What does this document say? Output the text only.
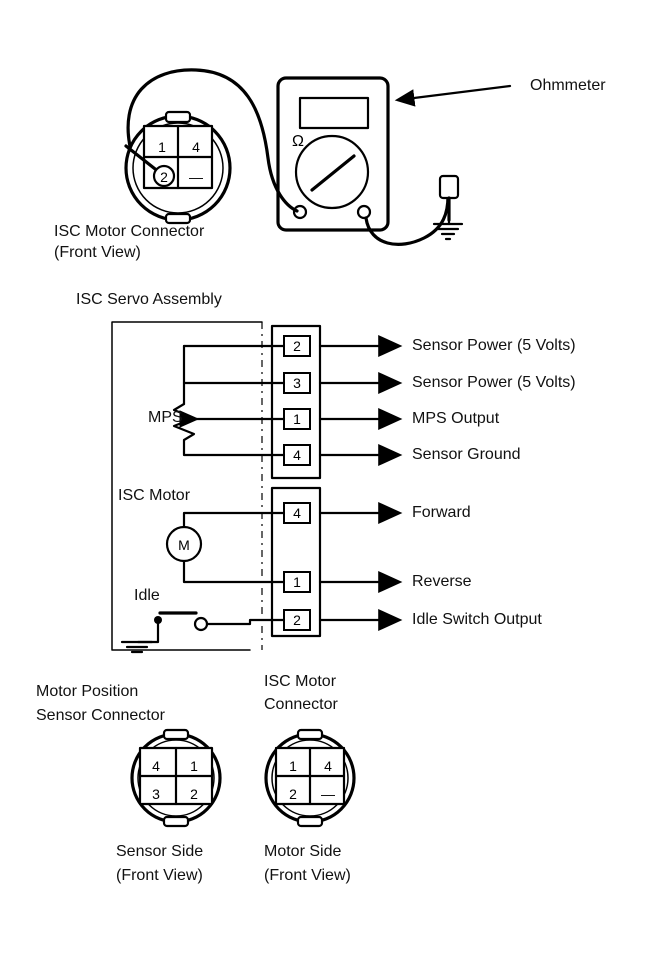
1 4
2 —
Ω
2
3
1
4
4
1
2
M
4 1
3 2
1 4
2 —
Ohmmeter
ISC Motor Connector
(Front View)
ISC Servo Assembly
MPS
ISC Motor
Idle
Sensor Power (5 Volts)
Sensor Power (5 Volts)
MPS Output
Sensor Ground
Forward
Reverse
Idle Switch Output
Motor Position
Sensor Connector
ISC Motor
Connector
Sensor Side
(Front View)
Motor Side
(Front View)
